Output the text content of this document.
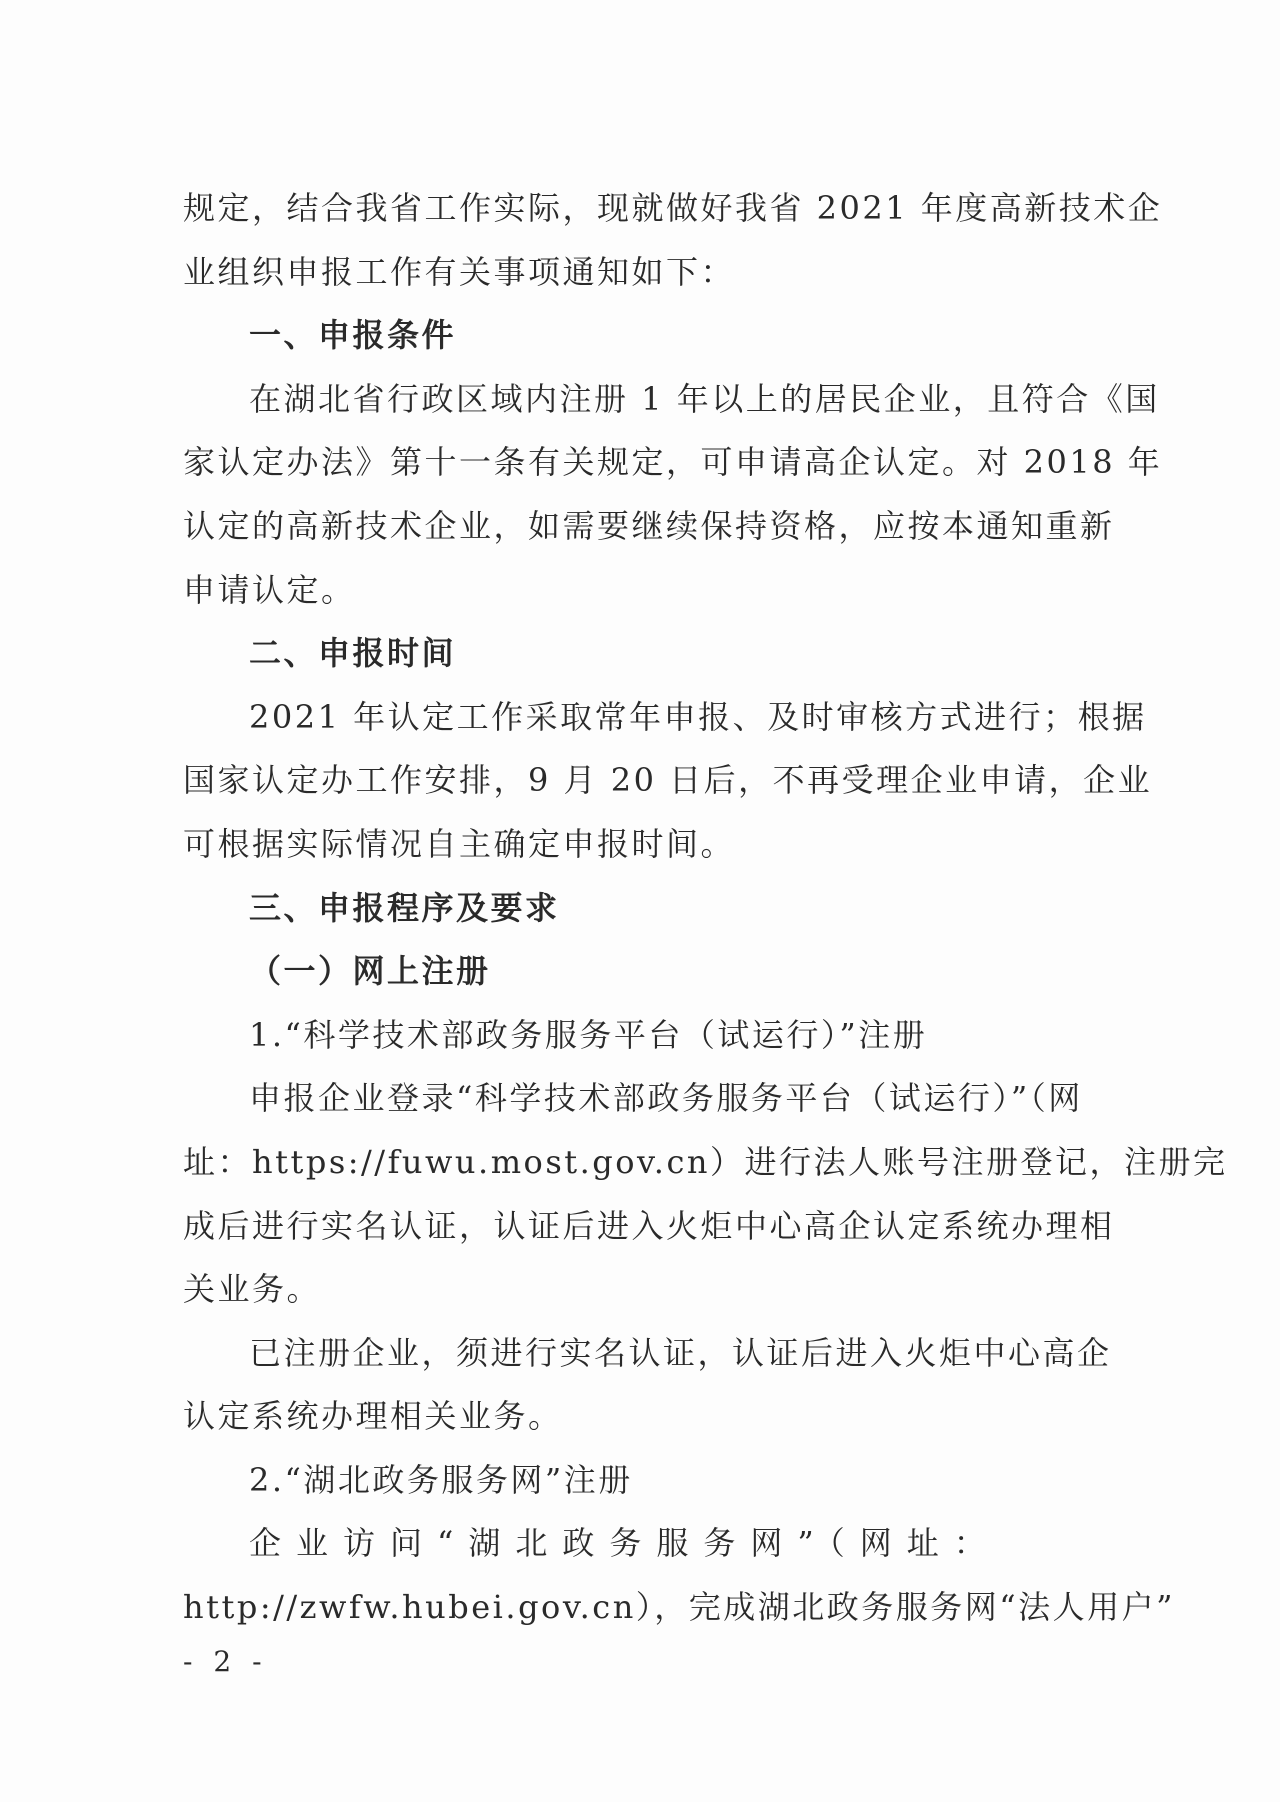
规定，结合我省工作实际，现就做好我省 2021 年度高新技术企
业组织申报工作有关事项通知如下：
一、申报条件
在湖北省行政区域内注册 1 年以上的居民企业，且符合《国
家认定办法》第十一条有关规定，可申请高企认定。对 2018 年
认定的高新技术企业，如需要继续保持资格，应按本通知重新
申请认定。
二、申报时间
2021 年认定工作采取常年申报、及时审核方式进行；根据
国家认定办工作安排，9 月 20 日后，不再受理企业申请，企业
可根据实际情况自主确定申报时间。
三、申报程序及要求
（一）网上注册
1.“科学技术部政务服务平台（试运行）”注册
申报企业登录“科学技术部政务服务平台（试运行）”（网
址：https://fuwu.most.gov.cn）进行法人账号注册登记，注册完
成后进行实名认证，认证后进入火炬中心高企认定系统办理相
关业务。
已注册企业，须进行实名认证，认证后进入火炬中心高企
认定系统办理相关业务。
2.“湖北政务服务网”注册
企业访问“湖北政务服务网”（网址：
http://zwfw.hubei.gov.cn），完成湖北政务服务网“法人用户”
- 2 -
